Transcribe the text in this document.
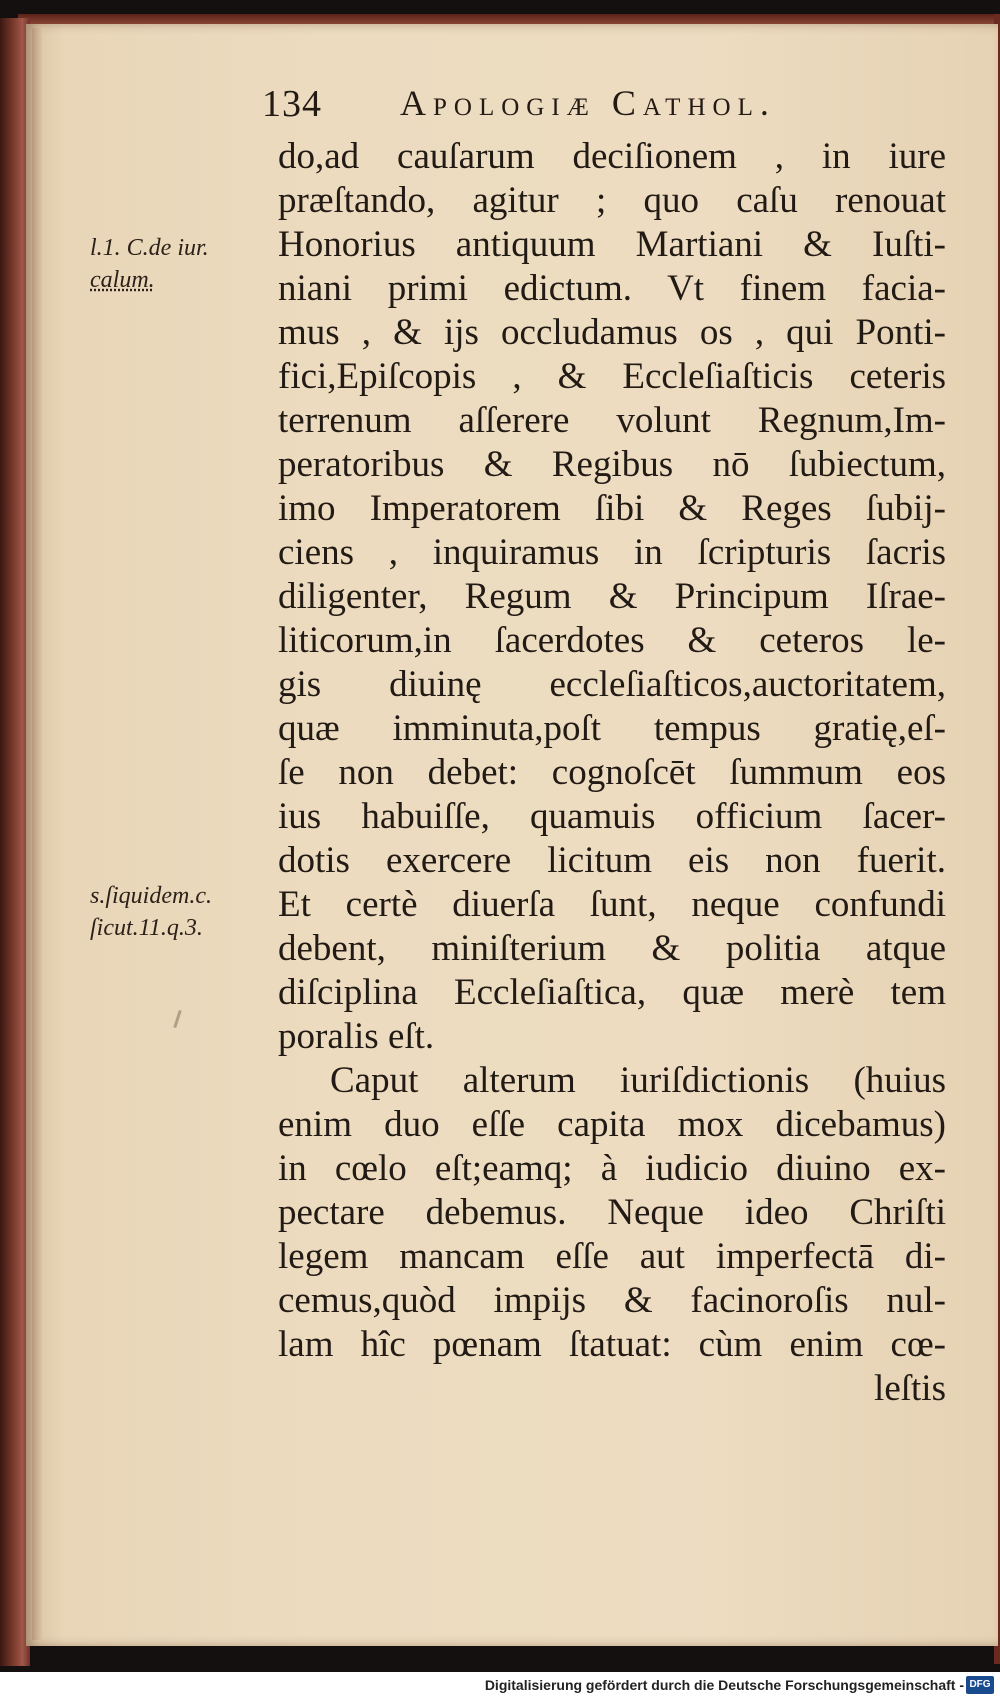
134 Apologiæ Cathol.
l.1. C.de iur.
calum.
s.ſiquidem.c.
ſicut.11.q.3.
do,ad cauſarum deciſionem , in iure
præſtando, agitur ; quo caſu renouat
Honorius antiquum Martiani & Iuſti-
niani primi edictum. Vt finem facia-
mus , & ijs occludamus os , qui Ponti-
fici,Epiſcopis , & Eccleſiaſticis ceteris
terrenum aſſerere volunt Regnum,Im-
peratoribus & Regibus nō ſubiectum,
imo Imperatorem ſibi & Reges ſubij-
ciens , inquiramus in ſcripturis ſacris
diligenter, Regum & Principum Iſrae-
liticorum,in ſacerdotes & ceteros le-
gis diuinę eccleſiaſticos,auctoritatem,
quæ imminuta,poſt tempus gratię,eſ-
ſe non debet: cognoſcēt ſummum eos
ius habuiſſe, quamuis officium ſacer-
dotis exercere licitum eis non fuerit.
Et certè diuerſa ſunt, neque confundi
debent, miniſterium & politia atque
diſciplina Eccleſiaſtica, quæ merè tem
poralis eſt.
Caput alterum iuriſdictionis (huius
enim duo eſſe capita mox dicebamus)
in cœlo eſt;eamq; à iudicio diuino ex-
pectare debemus. Neque ideo Chriſti
legem mancam eſſe aut imperfectā di-
cemus,quòd impijs & facinoroſis nul-
lam hîc pœnam ſtatuat: cùm enim cœ-
leſtis
Digitalisierung gefördert durch die Deutsche Forschungsgemeinschaft - DFG
